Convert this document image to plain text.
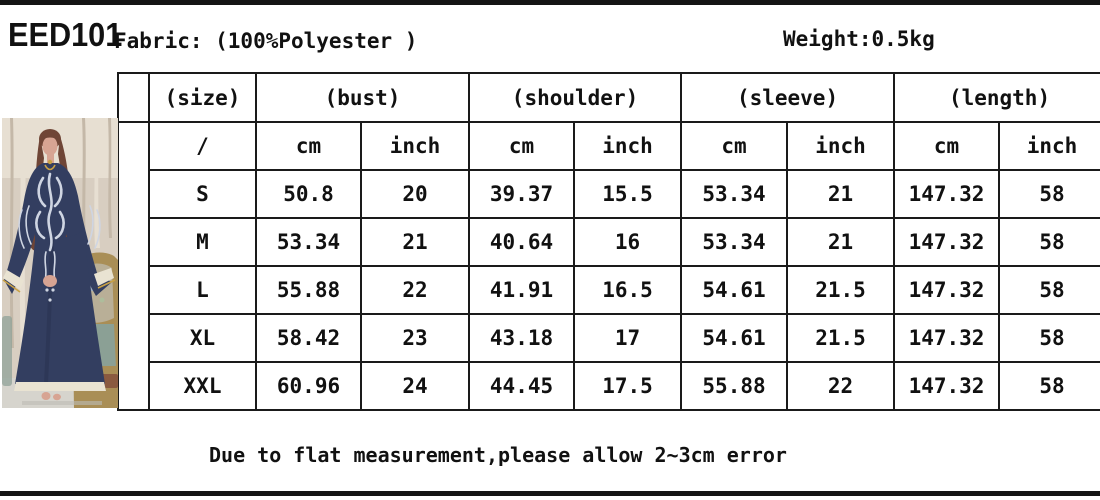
EED101
Fabric: (100%Polyester )	Weight:0.5kg
	(size)	(bust)		(shoulder)		(sleeve)		(length)	
	/	cm	inch	cm	inch	cm	inch	cm	inch
	S	50.8	20	39.37	15.5	53.34	21	147.32	58
	M	53.34	21	40.64	16	53.34	21	147.32	58
	L	55.88	22	41.91	16.5	54.61	21.5	147.32	58
	XL	58.42	23	43.18	17	54.61	21.5	147.32	58
	XXL	60.96	24	44.45	17.5	55.88	22	147.32	58
Due to flat measurement,please allow 2~3cm error
